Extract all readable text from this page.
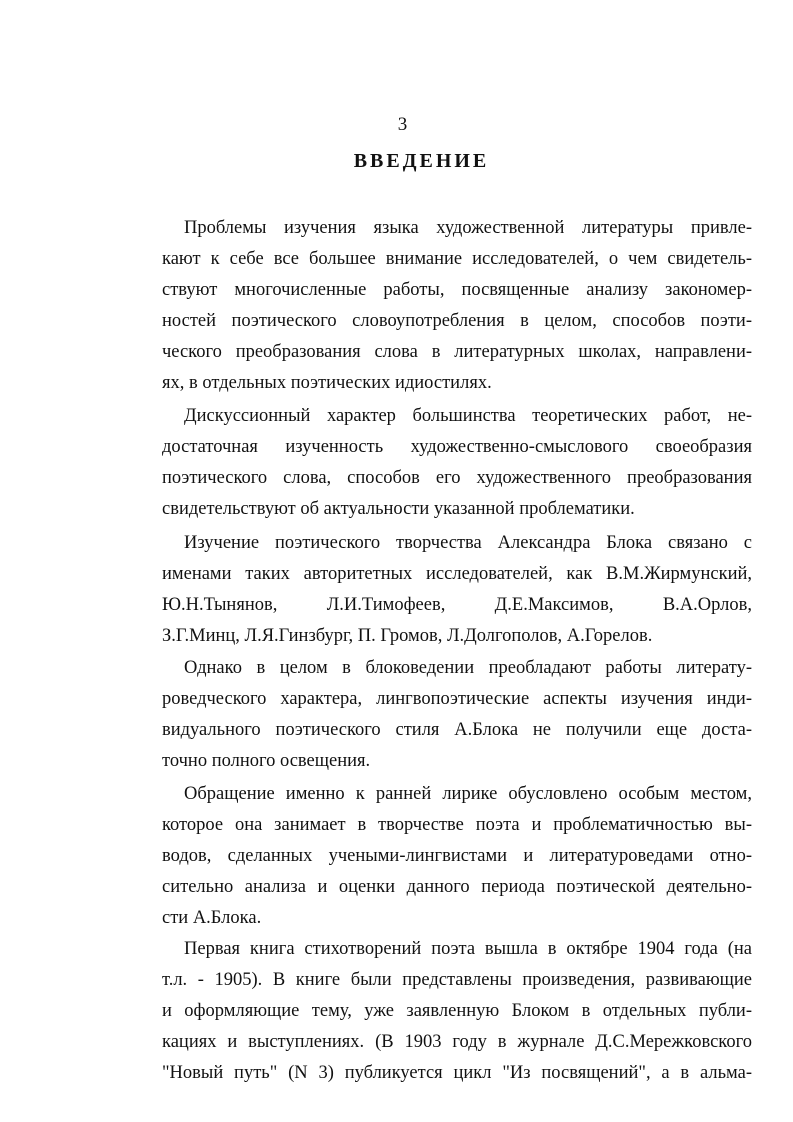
3
ВВЕДЕНИЕ
Проблемы изучения языка художественной литературы привле-
кают к себе все большее внимание исследователей, о чем свидетель-
ствуют многочисленные работы, посвященные анализу закономер-
ностей поэтического словоупотребления в целом, способов поэти-
ческого преобразования слова в литературных школах, направлени-
ях, в отдельных поэтических идиостилях.
Дискуссионный характер большинства теоретических работ, не-
достаточная изученность художественно-смыслового своеобразия
поэтического слова, способов его художественного преобразования
свидетельствуют об актуальности указанной проблематики.
Изучение поэтического творчества Александра Блока связано с
именами таких авторитетных исследователей, как В.М.Жирмунский,
Ю.Н.Тынянов, Л.И.Тимофеев, Д.Е.Максимов, В.А.Орлов,
З.Г.Минц, Л.Я.Гинзбург, П. Громов, Л.Долгополов, А.Горелов.
Однако в целом в блоковедении преобладают работы литерату-
роведческого характера, лингвопоэтические аспекты изучения инди-
видуального поэтического стиля А.Блока не получили еще доста-
точно полного освещения.
Обращение именно к ранней лирике обусловлено особым местом,
которое она занимает в творчестве поэта и проблематичностью вы-
водов, сделанных учеными-лингвистами и литературоведами отно-
сительно анализа и оценки данного периода поэтической деятельно-
сти А.Блока.
Первая книга стихотворений поэта вышла в октябре 1904 года (на
т.л. - 1905). В книге были представлены произведения, развивающие
и оформляющие тему, уже заявленную Блоком в отдельных публи-
кациях и выступлениях. (В 1903 году в журнале Д.С.Мережковского
"Новый путь" (N 3) публикуется цикл "Из посвящений", а в альма-
